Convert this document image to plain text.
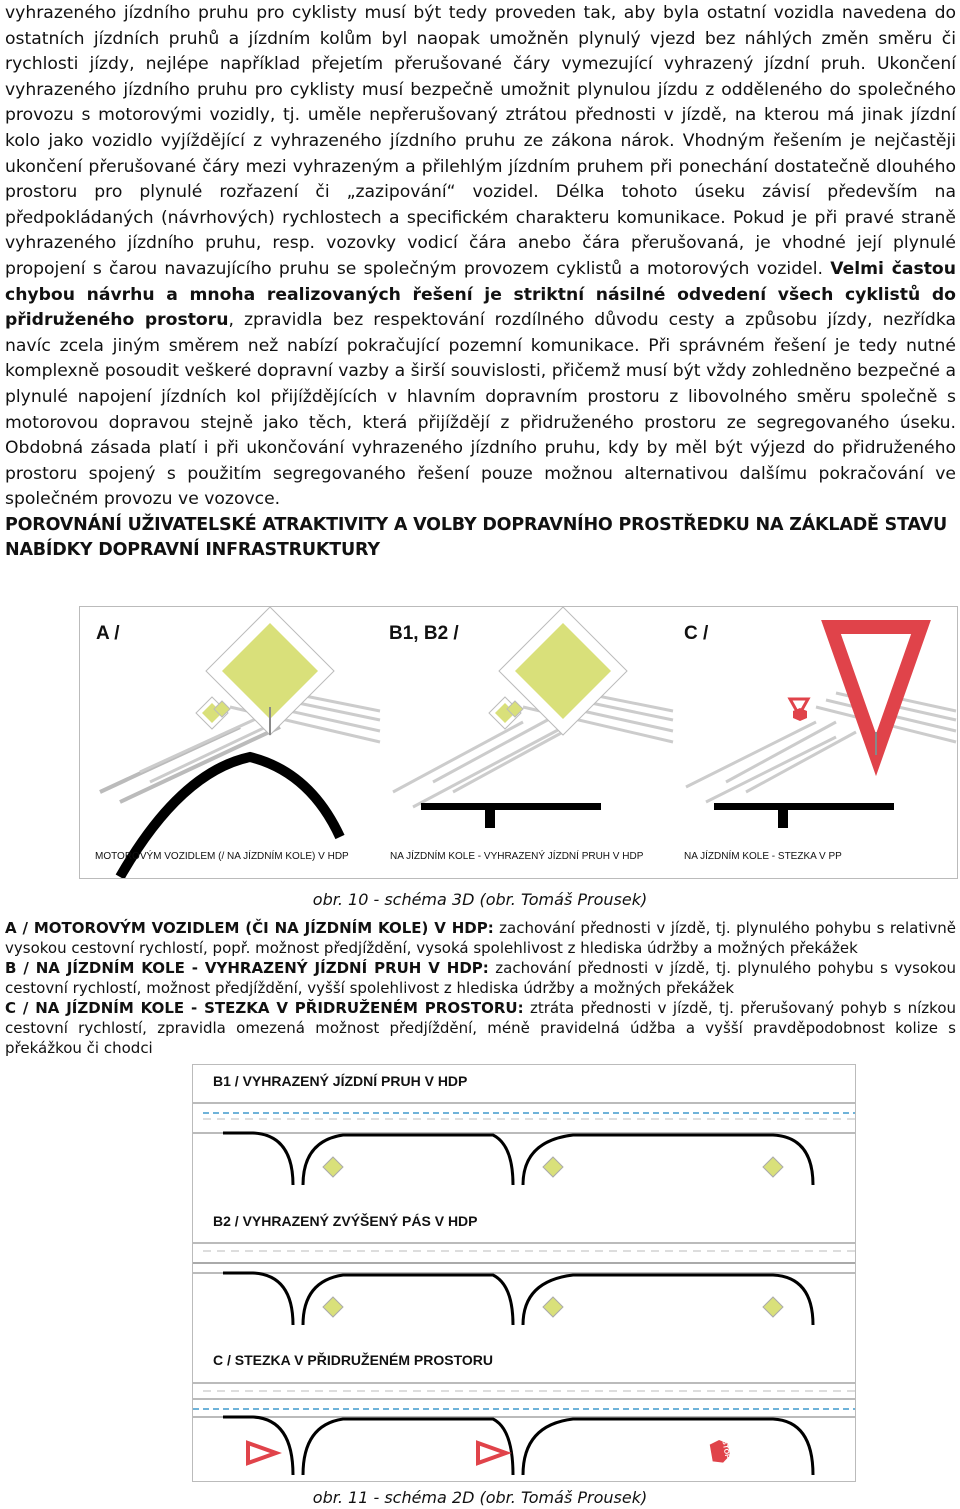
vyhrazeného jízdního pruhu pro cyklisty musí být tedy proveden tak, aby byla ostatní vozidla navedena do ostatních jízdních pruhů a jízdním kolům byl naopak umožněn plynulý vjezd bez náhlých změn směru či rychlosti jízdy, nejlépe například přejetím přerušované čáry vymezující vyhrazený jízdní pruh. Ukončení vyhrazeného jízdního pruhu pro cyklisty musí bezpečně umožnit plynulou jízdu z odděleného do společného provozu s motorovými vozidly, tj. uměle nepřerušovaný ztrátou přednosti v jízdě, na kterou má jinak jízdní kolo jako vozidlo vyjíždějící z vyhrazeného jízdního pruhu ze zákona nárok. Vhodným řešením je nejčastěji ukončení přerušované čáry mezi vyhrazeným a přilehlým jízdním pruhem při ponechání dostatečně dlouhého prostoru pro plynulé rozřazení či „zazipování“ vozidel. Délka tohoto úseku závisí především na předpokládaných (návrhových) rychlostech a specifickém charakteru komunikace. Pokud je při pravé straně vyhrazeného jízdního pruhu, resp. vozovky vodicí čára anebo čára přerušovaná, je vhodné její plynulé propojení s čarou navazujícího pruhu se společným provozem cyklistů a motorových vozidel. Velmi častou chybou návrhu a mnoha realizovaných řešení je striktní násilné odvedení všech cyklistů do přidruženého prostoru, zpravidla bez respektování rozdílného důvodu cesty a způsobu jízdy, nezřídka navíc zcela jiným směrem než nabízí pokračující pozemní komunikace. Při správném řešení je tedy nutné komplexně posoudit veškeré dopravní vazby a širší souvislosti, přičemž musí být vždy zohledněno bezpečné a plynulé napojení jízdních kol přijíždějících v hlavním dopravním prostoru z libovolného směru společně s motorovou dopravou stejně jako těch, která přijíždějí z přidruženého prostoru ze segregovaného úseku. Obdobná zásada platí i při ukončování vyhrazeného jízdního pruhu, kdy by měl být výjezd do přidruženého prostoru spojený s použitím segregovaného řešení pouze možnou alternativou dalšímu pokračování ve společném provozu ve vozovce.

POROVNÁNÍ UŽIVATELSKÉ ATRAKTIVITY A VOLBY DOPRAVNÍHO PROSTŘEDKU NA ZÁKLADĚ STAVU NABÍDKY DOPRAVNÍ INFRASTRUKTURY

A /	B1, B2 /	C /
MOTOROVÝM VOZIDLEM (/ NA JÍZDNÍM KOLE) V HDP	NA JÍZDNÍM KOLE - VYHRAZENÝ JÍZDNÍ PRUH V HDP	NA JÍZDNÍM KOLE - STEZKA V PP
obr. 10 - schéma 3D (obr. Tomáš Prousek)

A / MOTOROVÝM VOZIDLEM (ČI NA JÍZDNÍM KOLE) V HDP: zachování přednosti v jízdě, tj. plynulého pohybu s relativně vysokou cestovní rychlostí, popř. možnost předjíždění, vysoká spolehlivost z hlediska údržby a možných překážek

B / NA JÍZDNÍM KOLE - VYHRAZENÝ JÍZDNÍ PRUH V HDP: zachování přednosti v jízdě, tj. plynulého pohybu s vysokou cestovní rychlostí, možnost předjíždění, vyšší spolehlivost z hlediska údržby a možných překážek

C / NA JÍZDNÍM KOLE - STEZKA V PŘIDRUŽENÉM PROSTORU: ztráta přednosti v jízdě, tj. přerušovaný pohyb s nízkou cestovní rychlostí, zpravidla omezená možnost předjíždění, méně pravidelná údžba a vyšší pravděpodobnost kolize s překážkou či chodci

B1 / VYHRAZENÝ JÍZDNÍ PRUH V HDP
B2 / VYHRAZENÝ ZVÝŠENÝ PÁS V HDP
C / STEZKA V PŘIDRUŽENÉM PROSTORU
STOP
obr. 11 - schéma 2D (obr. Tomáš Prousek)
